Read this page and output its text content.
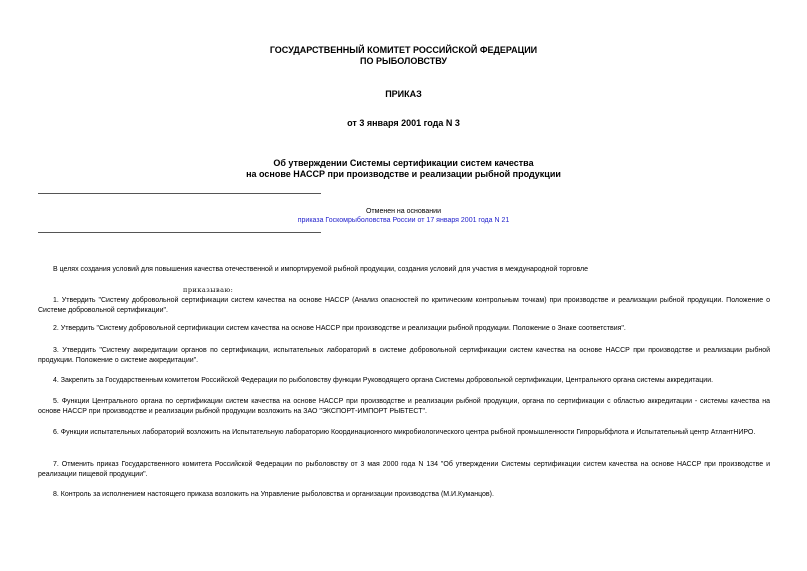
ГОСУДАРСТВЕННЫЙ КОМИТЕТ РОССИЙСКОЙ ФЕДЕРАЦИИ
ПО РЫБОЛОВСТВУ
ПРИКАЗ
от 3 января 2001 года N 3
Об утверждении Системы сертификации систем качества
на основе НАССР при производстве и реализации рыбной продукции
Отменен на основании
приказа Госкомрыболовства России от 17 января 2001 года N 21

В целях создания условий для повышения качества отечественной и импортируемой рыбной продукции, создания условий для участия в международной торговле

приказываю:

1. Утвердить "Систему добровольной сертификации систем качества на основе НАССР (Анализ опасностей по критическим контрольным точкам) при производстве и реализации рыбной продукции. Положение о Системе добровольной сертификации".

2. Утвердить "Систему добровольной сертификации систем качества на основе НАССР при производстве и реализации рыбной продукции. Положение о Знаке соответствия".

3. Утвердить "Систему аккредитации органов по сертификации, испытательных лабораторий в системе добровольной сертификации систем качества на основе НАССР при производстве и реализации рыбной продукции. Положение о системе аккредитации".

4. Закрепить за Государственным комитетом Российской Федерации по рыболовству функции Руководящего органа Системы добровольной сертификации, Центрального органа системы аккредитации.

5. Функции Центрального органа по сертификации систем качества на основе НАССР при производстве и реализации рыбной продукции, органа по сертификации с областью аккредитации - системы качества на основе НАССР при производстве и реализации рыбной продукции возложить на ЗАО "ЭКСПОРТ-ИМПОРТ РЫБТЕСТ".

6. Функции испытательных лабораторий возложить на Испытательную лабораторию Координационного микробиологического центра рыбной промышленности Гипрорыбфлота и Испытательный центр АтлантНИРО.

7. Отменить приказ Государственного комитета Российской Федерации по рыболовству от 3 мая 2000 года N 134 "Об утверждении Системы сертификации систем качества на основе НАССР при производстве и реализации пищевой продукции".

8. Контроль за исполнением настоящего приказа возложить на Управление рыболовства и организации производства (М.И.Куманцов).
